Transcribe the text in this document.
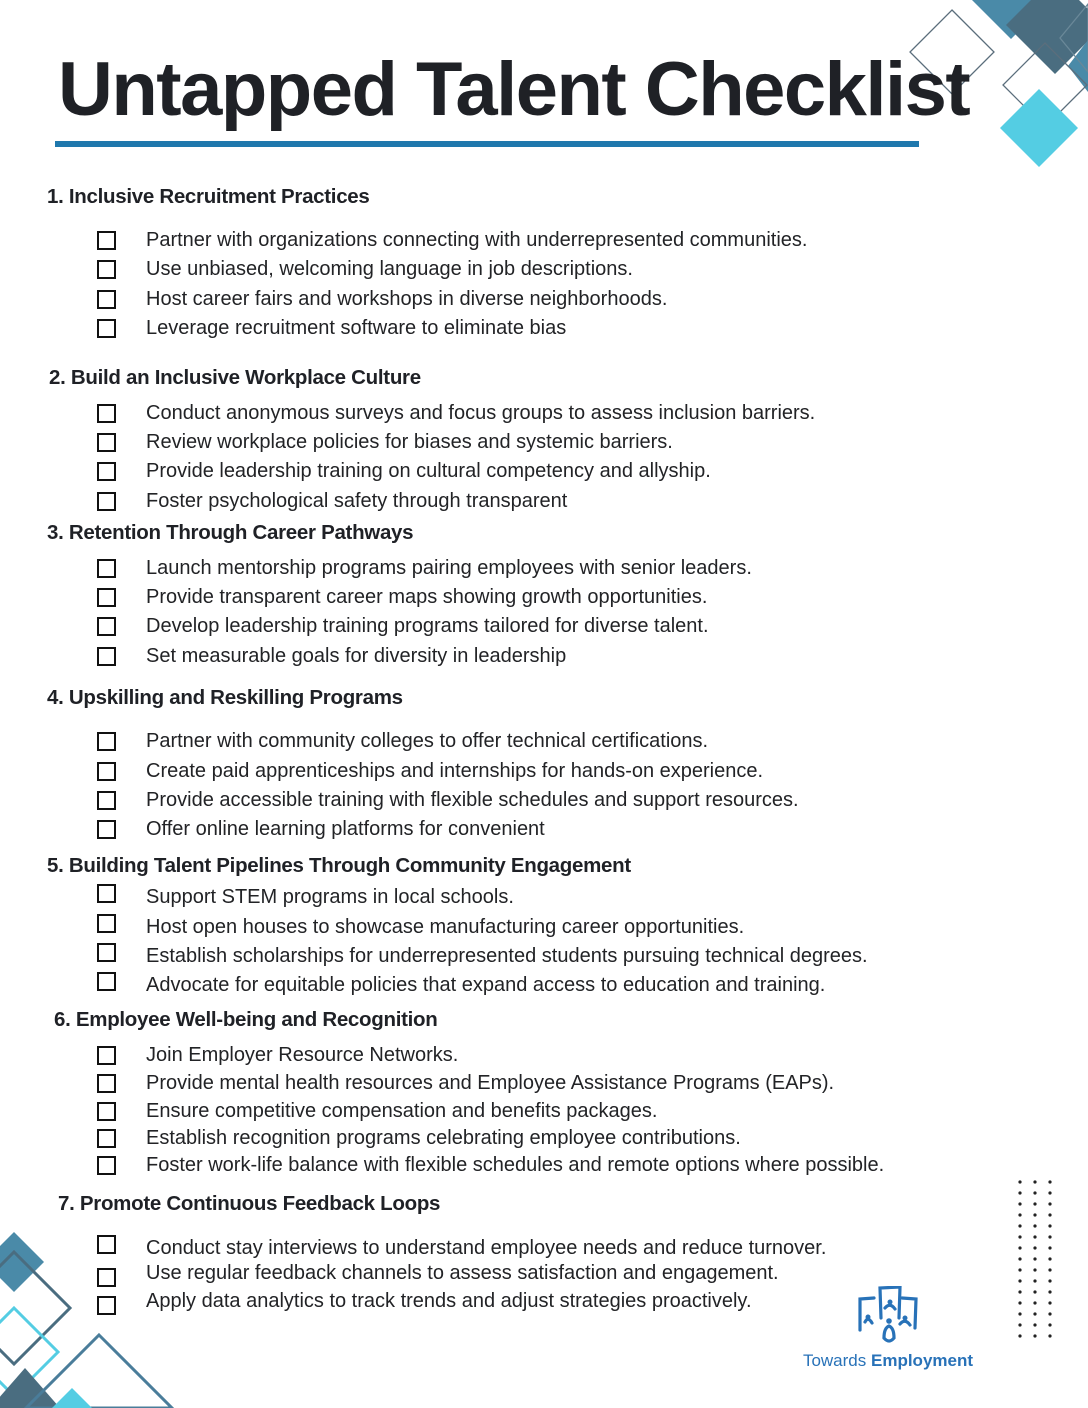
Untapped Talent Checklist
1. Inclusive Recruitment Practices
Partner with organizations connecting with underrepresented communities.
Use unbiased, welcoming language in job descriptions.
Host career fairs and workshops in diverse neighborhoods.
Leverage recruitment software to eliminate bias
2. Build an Inclusive Workplace Culture
Conduct anonymous surveys and focus groups to assess inclusion barriers.
Review workplace policies for biases and systemic barriers.
Provide leadership training on cultural competency and allyship.
Foster psychological safety through transparent
3. Retention Through Career Pathways
Launch mentorship programs pairing employees with senior leaders.
Provide transparent career maps showing growth opportunities.
Develop leadership training programs tailored for diverse talent.
Set measurable goals for diversity in leadership
4. Upskilling and Reskilling Programs
Partner with community colleges to offer technical certifications.
Create paid apprenticeships and internships for hands-on experience.
Provide accessible training with flexible schedules and support resources.
Offer online learning platforms for convenient
5. Building Talent Pipelines Through Community Engagement
Support STEM programs in local schools.
Host open houses to showcase manufacturing career opportunities.
Establish scholarships for underrepresented students pursuing technical degrees.
Advocate for equitable policies that expand access to education and training.
6. Employee Well-being and Recognition
Join Employer Resource Networks.
Provide mental health resources and Employee Assistance Programs (EAPs).
Ensure competitive compensation and benefits packages.
Establish recognition programs celebrating employee contributions.
Foster work-life balance with flexible schedules and remote options where possible.
7. Promote Continuous Feedback Loops
Conduct stay interviews to understand employee needs and reduce turnover.
Use regular feedback channels to assess satisfaction and engagement.
Apply data analytics to track trends and adjust strategies proactively.
Towards Employment
